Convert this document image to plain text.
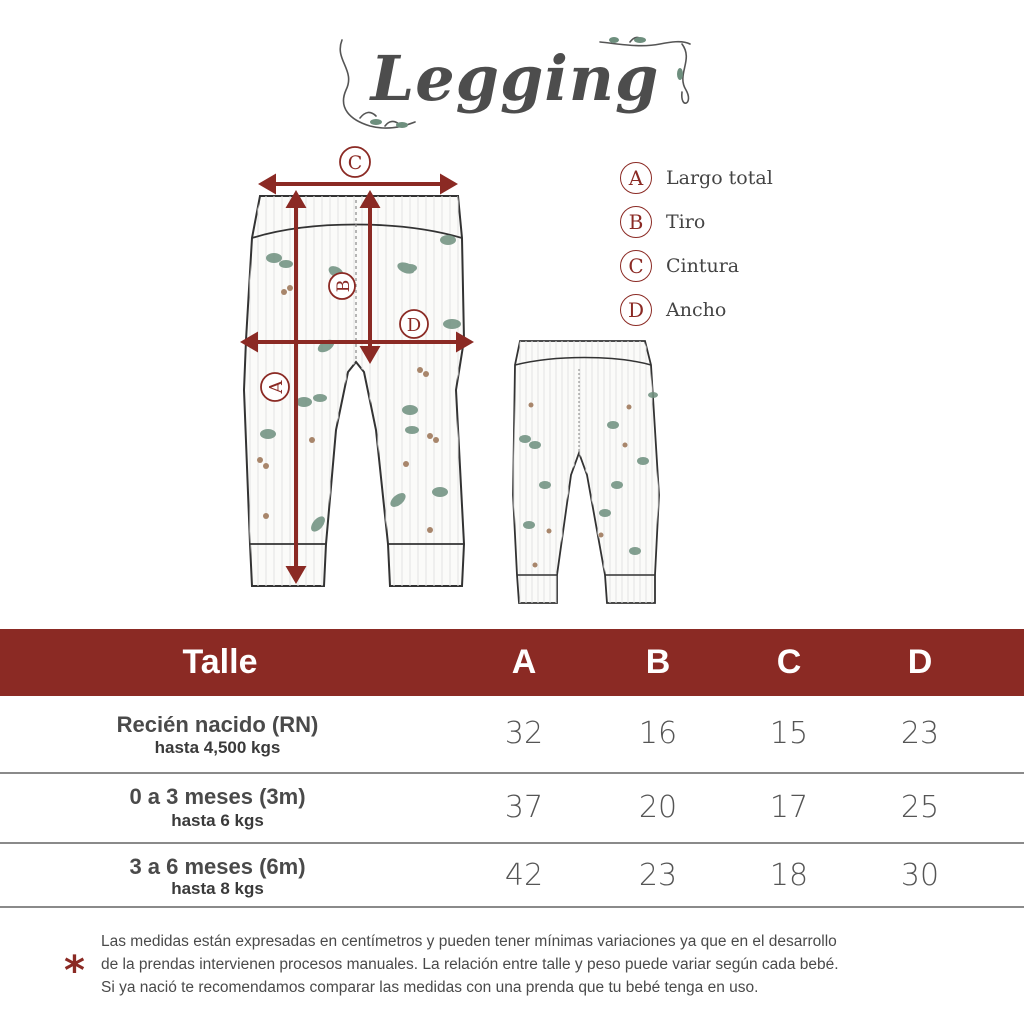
Legging
A	Largo total
B	Tiro
C	Cintura
D	Ancho
C
B
D
A
Talle	A	B	C	D
Recién nacido (RN)
hasta 4,500 kgs	32	16	15	23
0 a 3 meses (3m)
hasta 6 kgs	37	20	17	25
3 a 6 meses (6m)
hasta 8 kgs	42	23	18	30
*
Las medidas están expresadas en centímetros y pueden tener mínimas variaciones ya que en el desarrollo
de la prendas intervienen procesos manuales. La relación entre talle y peso puede variar según cada bebé.
Si ya nació te recomendamos comparar las medidas con una prenda que tu bebé tenga en uso.
